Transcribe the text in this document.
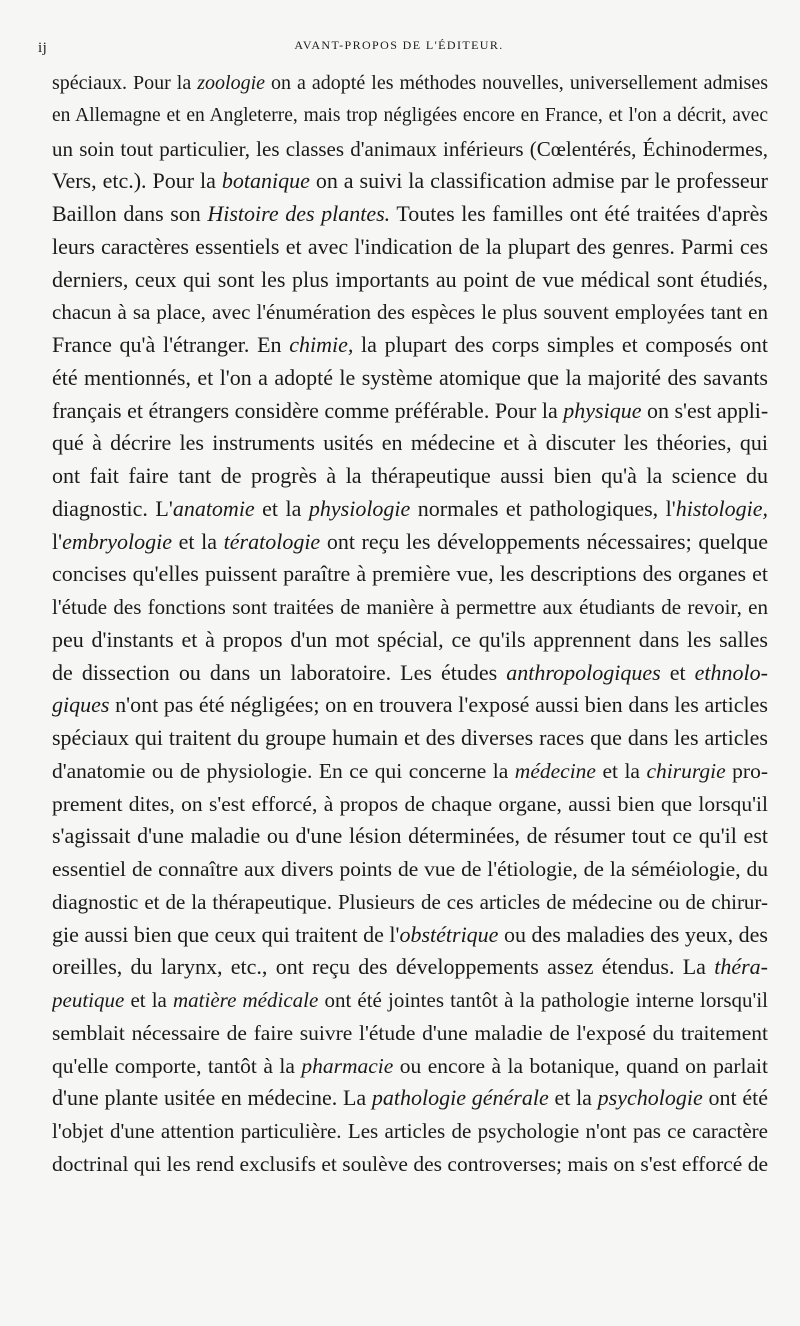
ij	AVANT-PROPOS DE L'ÉDITEUR.
spéciaux. Pour la zoologie on a adopté les méthodes nouvelles, universellement admises
en Allemagne et en Angleterre, mais trop négligées encore en France, et l'on a décrit, avec
un soin tout particulier, les classes d'animaux inférieurs (Cœlentérés, Échinodermes,
Vers, etc.). Pour la botanique on a suivi la classification admise par le professeur
Baillon dans son Histoire des plantes. Toutes les familles ont été traitées d'après
leurs caractères essentiels et avec l'indication de la plupart des genres. Parmi ces
derniers, ceux qui sont les plus importants au point de vue médical sont étudiés,
chacun à sa place, avec l'énumération des espèces le plus souvent employées tant en
France qu'à l'étranger. En chimie, la plupart des corps simples et composés ont
été mentionnés, et l'on a adopté le système atomique que la majorité des savants
français et étrangers considère comme préférable. Pour la physique on s'est appli-
qué à décrire les instruments usités en médecine et à discuter les théories, qui
ont fait faire tant de progrès à la thérapeutique aussi bien qu'à la science du
diagnostic. L'anatomie et la physiologie normales et pathologiques, l'histologie,
l'embryologie et la tératologie ont reçu les développements nécessaires; quelque
concises qu'elles puissent paraître à première vue, les descriptions des organes et
l'étude des fonctions sont traitées de manière à permettre aux étudiants de revoir, en
peu d'instants et à propos d'un mot spécial, ce qu'ils apprennent dans les salles
de dissection ou dans un laboratoire. Les études anthropologiques et ethnolo-
giques n'ont pas été négligées; on en trouvera l'exposé aussi bien dans les articles
spéciaux qui traitent du groupe humain et des diverses races que dans les articles
d'anatomie ou de physiologie. En ce qui concerne la médecine et la chirurgie pro-
prement dites, on s'est efforcé, à propos de chaque organe, aussi bien que lorsqu'il
s'agissait d'une maladie ou d'une lésion déterminées, de résumer tout ce qu'il est
essentiel de connaître aux divers points de vue de l'étiologie, de la séméiologie, du
diagnostic et de la thérapeutique. Plusieurs de ces articles de médecine ou de chirur-
gie aussi bien que ceux qui traitent de l'obstétrique ou des maladies des yeux, des
oreilles, du larynx, etc., ont reçu des développements assez étendus. La théra-
peutique et la matière médicale ont été jointes tantôt à la pathologie interne lorsqu'il
semblait nécessaire de faire suivre l'étude d'une maladie de l'exposé du traitement
qu'elle comporte, tantôt à la pharmacie ou encore à la botanique, quand on parlait
d'une plante usitée en médecine. La pathologie générale et la psychologie ont été
l'objet d'une attention particulière. Les articles de psychologie n'ont pas ce caractère
doctrinal qui les rend exclusifs et soulève des controverses; mais on s'est efforcé de
